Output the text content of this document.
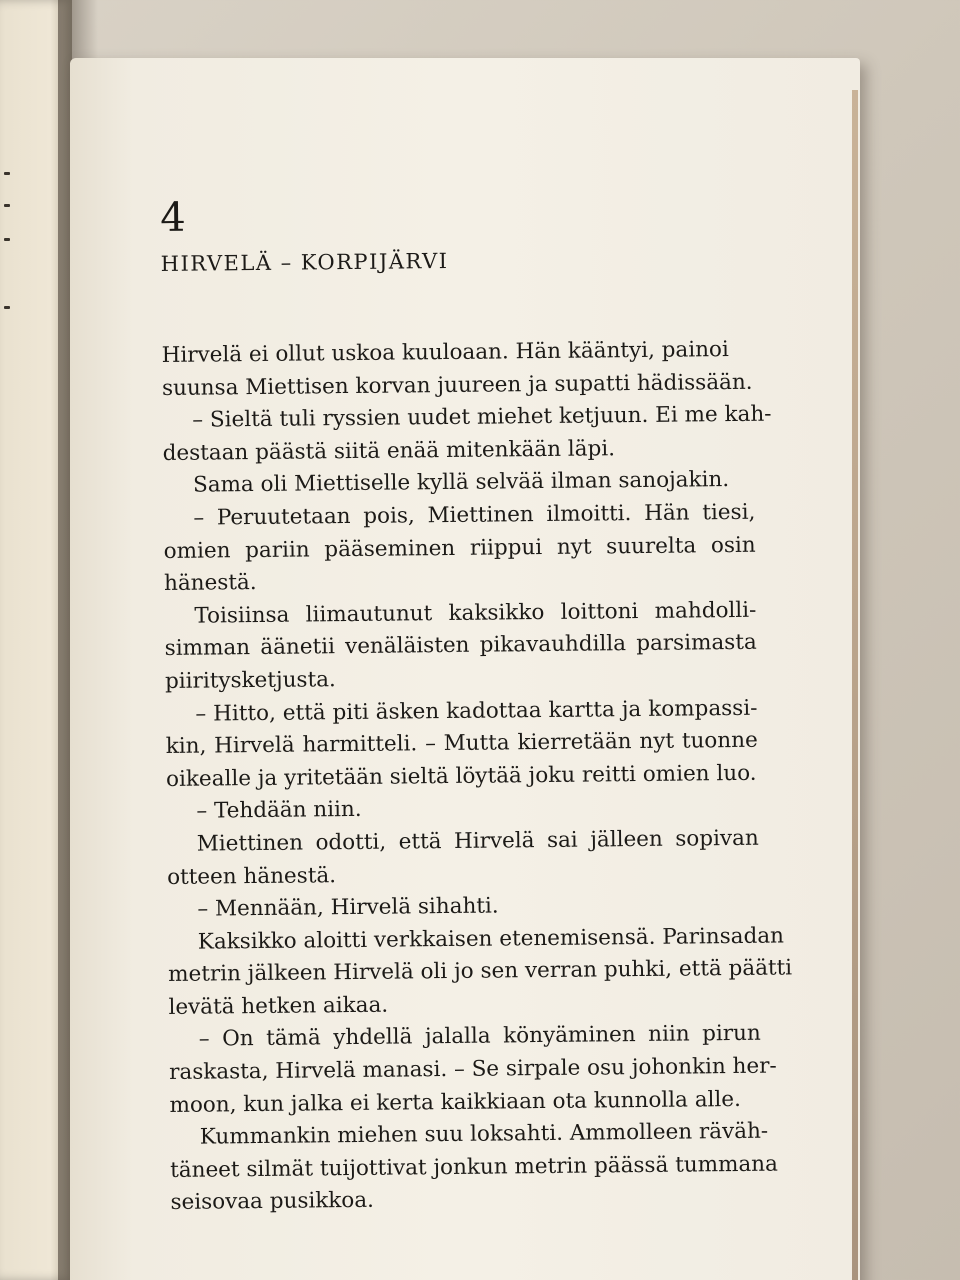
4
HIRVELÄ – KORPIJÄRVI
Hirvelä ei ollut uskoa kuuloaan. Hän kääntyi, painoi
suunsa Miettisen korvan juureen ja supatti hädissään.
– Sieltä tuli ryssien uudet miehet ketjuun. Ei me kah-
destaan päästä siitä enää mitenkään läpi.
Sama oli Miettiselle kyllä selvää ilman sanojakin.
– Peruutetaan pois, Miettinen ilmoitti. Hän tiesi,
omien pariin pääseminen riippui nyt suurelta osin
hänestä.
Toisiinsa liimautunut kaksikko loittoni mahdolli-
simman äänetii venäläisten pikavauhdilla parsimasta
piiritysketjusta.
– Hitto, että piti äsken kadottaa kartta ja kompassi-
kin, Hirvelä harmitteli. – Mutta kierretään nyt tuonne
oikealle ja yritetään sieltä löytää joku reitti omien luo.
– Tehdään niin.
Miettinen odotti, että Hirvelä sai jälleen sopivan
otteen hänestä.
– Mennään, Hirvelä sihahti.
Kaksikko aloitti verkkaisen etenemisensä. Parinsadan
metrin jälkeen Hirvelä oli jo sen verran puhki, että päätti
levätä hetken aikaa.
– On tämä yhdellä jalalla könyäminen niin pirun
raskasta, Hirvelä manasi. – Se sirpale osu johonkin her-
moon, kun jalka ei kerta kaikkiaan ota kunnolla alle.
Kummankin miehen suu loksahti. Ammolleen räväh-
täneet silmät tuijottivat jonkun metrin päässä tummana
seisovaa pusikkoa.
